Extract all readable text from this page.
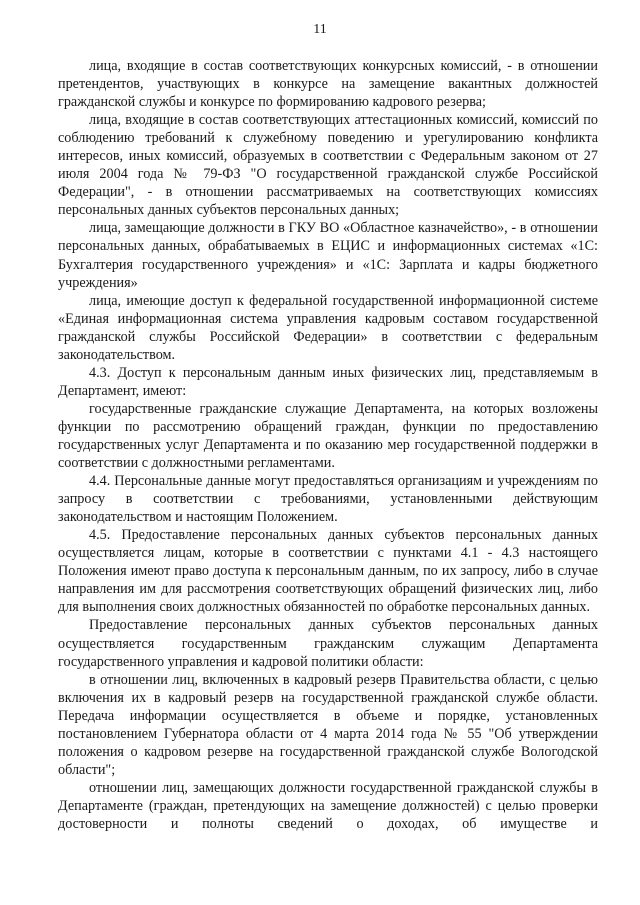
11

лица, входящие в состав соответствующих конкурсных комиссий, - в отношении претендентов, участвующих в конкурсе на замещение вакантных должностей гражданской службы и конкурсе по формированию кадрового резерва;

лица, входящие в состав соответствующих аттестационных комиссий, комиссий по соблюдению требований к служебному поведению и урегулированию конфликта интересов, иных комиссий, образуемых в соответствии с Федеральным законом от 27 июля 2004 года № 79-ФЗ "О государственной гражданской службе Российской Федерации", - в отношении рассматриваемых на соответствующих комиссиях персональных данных субъектов персональных данных;

лица, замещающие должности в ГКУ ВО «Областное казначейство», - в отношении персональных данных, обрабатываемых в ЕЦИС и информационных системах «1С: Бухгалтерия государственного учреждения» и «1С: Зарплата и кадры бюджетного учреждения»

лица, имеющие доступ к федеральной государственной информационной системе «Единая информационная система управления кадровым составом государственной гражданской службы Российской Федерации» в соответствии с федеральным законодательством.

4.3. Доступ к персональным данным иных физических лиц, представляемым в Департамент, имеют:

государственные гражданские служащие Департамента, на которых возложены функции по рассмотрению обращений граждан, функции по предоставлению государственных услуг Департамента и по оказанию мер государственной поддержки в соответствии с должностными регламентами.

4.4. Персональные данные могут предоставляться организациям и учреждениям по запросу в соответствии с требованиями, установленными действующим законодательством и настоящим Положением.

4.5. Предоставление персональных данных субъектов персональных данных осуществляется лицам, которые в соответствии с пунктами 4.1 - 4.3 настоящего Положения имеют право доступа к персональным данным, по их запросу, либо в случае направления им для рассмотрения соответствующих обращений физических лиц, либо для выполнения своих должностных обязанностей по обработке персональных данных.

Предоставление персональных данных субъектов персональных данных осуществляется государственным гражданским служащим Департамента государственного управления и кадровой политики области:

в отношении лиц, включенных в кадровый резерв Правительства области, с целью включения их в кадровый резерв на государственной гражданской службе области. Передача информации осуществляется в объеме и порядке, установленных постановлением Губернатора области от 4 марта 2014 года № 55 "Об утверждении положения о кадровом резерве на государственной гражданской службе Вологодской области";

отношении лиц, замещающих должности государственной гражданской службы в Департаменте (граждан, претендующих на замещение должностей) с целью проверки достоверности и полноты сведений о доходах, об имуществе и
